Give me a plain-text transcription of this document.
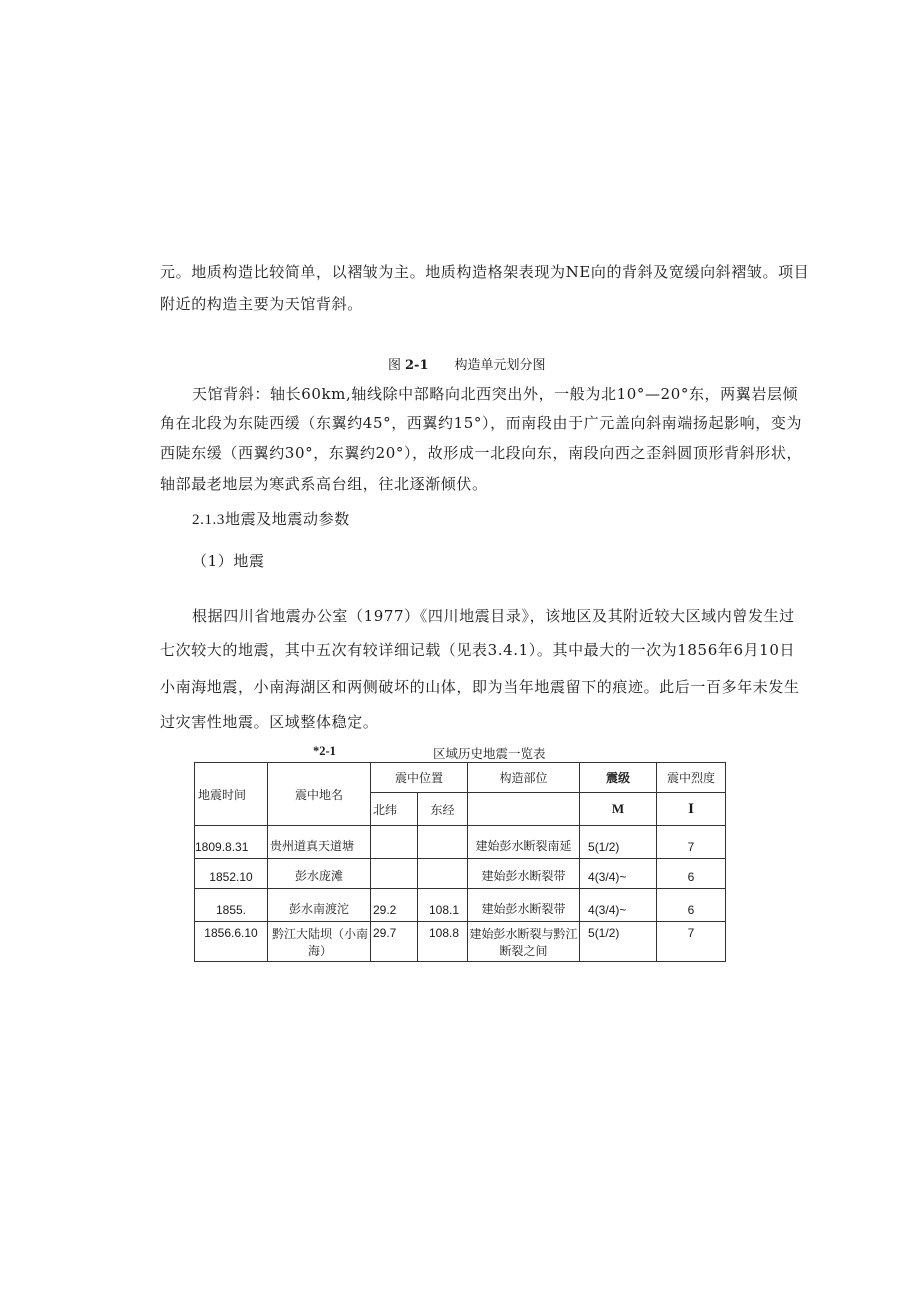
元。地质构造比较简单，以褶皱为主。地质构造格架表现为NE向的背斜及宽缓向斜褶皱。项目
附近的构造主要为天馆背斜。
图 2-1 构造单元划分图
天馆背斜：轴长60km,轴线除中部略向北西突出外，一般为北10°—20°东，两翼岩层倾
角在北段为东陡西缓（东翼约45°，西翼约15°），而南段由于广元盖向斜南端扬起影响，变为
西陡东缓（西翼约30°，东翼约20°），故形成一北段向东，南段向西之歪斜圆顶形背斜形状，
轴部最老地层为寒武系高台组，往北逐渐倾伏。
2.1.3地震及地震动参数
（1）地震
根据四川省地震办公室（1977）《四川地震目录》，该地区及其附近较大区域内曾发生过
七次较大的地震，其中五次有较详细记载（见表3.4.1）。其中最大的一次为1856年6月10日
小南海地震，小南海湖区和两侧破坏的山体，即为当年地震留下的痕迹。此后一百多年未发生
过灾害性地震。区域整体稳定。
*2-1	区域历史地震一览表
地震时间	震中地名	震中位置		构造部位	震级	震中烈度
		北纬	东经		M	I
1809.8.31	贵州道真天道塘			建始彭水断裂南延	5(1/2)	7
1852.10	彭水庞滩			建始彭水断裂带	4(3/4)~	6
1855.	彭水南渡沱	29.2	108.1	建始彭水断裂带	4(3/4)~	6
1856.6.10	黔江大陆坝（小南海）	29.7	108.8	建始彭水断裂与黔江断裂之间	5(1/2)	7
